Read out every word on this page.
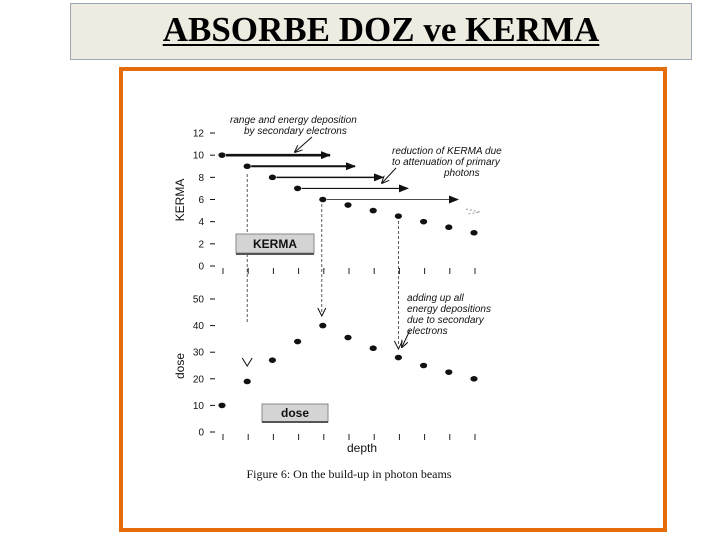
ABSORBE DOZ ve KERMA
0
2
4
6
8
10
12
0
10
20
30
40
50
range and energy deposition
by secondary electrons
reduction of KERMA due
to attenuation of primary
photons
adding up all
energy depositions
due to secondary
electrons
KERMA
dose
KERMA
dose
depth
Figure 6: On the build-up in photon beams
